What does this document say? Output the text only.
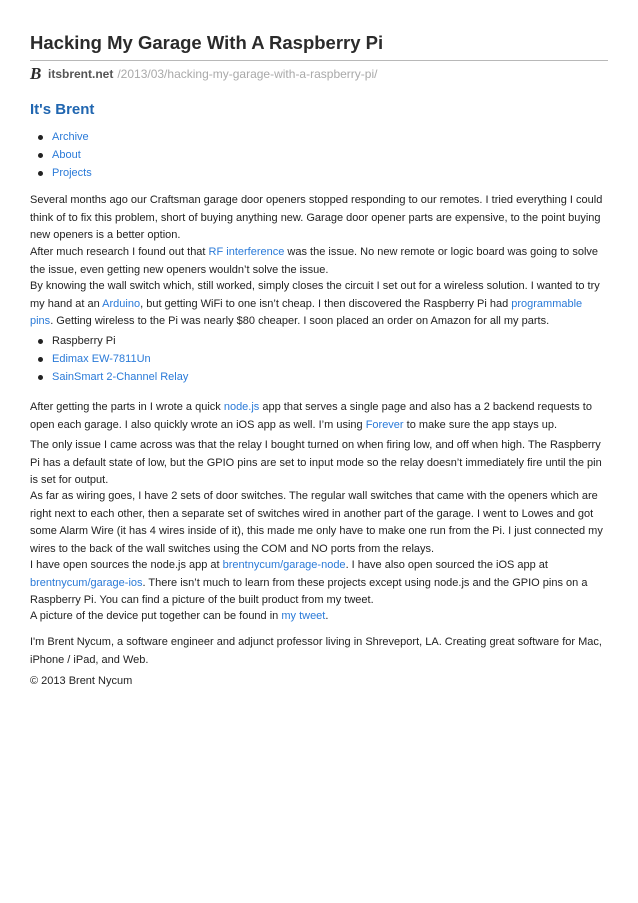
Hacking My Garage With A Raspberry Pi
B itsbrent.net /2013/03/hacking-my-garage-with-a-raspberry-pi/
It's Brent
Archive
About
Projects

Several months ago our Craftsman garage door openers stopped responding to our remotes. I tried everything I could think of to fix this problem, short of buying anything new. Garage door opener parts are expensive, to the point buying new openers is a better option.

After much research I found out that RF interference was the issue. No new remote or logic board was going to solve the issue, even getting new openers wouldn’t solve the issue.

By knowing the wall switch which, still worked, simply closes the circuit I set out for a wireless solution. I wanted to try my hand at an Arduino, but getting WiFi to one isn’t cheap. I then discovered the Raspberry Pi had programmable pins. Getting wireless to the Pi was nearly $80 cheaper. I soon placed an order on Amazon for all my parts.

Raspberry Pi
Edimax EW-7811Un
SainSmart 2-Channel Relay

After getting the parts in I wrote a quick node.js app that serves a single page and also has a 2 backend requests to open each garage. I also quickly wrote an iOS app as well. I’m using Forever to make sure the app stays up.

The only issue I came across was that the relay I bought turned on when firing low, and off when high. The Raspberry Pi has a default state of low, but the GPIO pins are set to input mode so the relay doesn’t immediately fire until the pin is set for output.

As far as wiring goes, I have 2 sets of door switches. The regular wall switches that came with the openers which are right next to each other, then a separate set of switches wired in another part of the garage. I went to Lowes and got some Alarm Wire (it has 4 wires inside of it), this made me only have to make one run from the Pi. I just connected my wires to the back of the wall switches using the COM and NO ports from the relays.

I have open sources the node.js app at brentnycum/garage-node. I have also open sourced the iOS app at brentnycum/garage-ios. There isn’t much to learn from these projects except using node.js and the GPIO pins on a Raspberry Pi. You can find a picture of the built product from my tweet.

A picture of the device put together can be found in my tweet.

I'm Brent Nycum, a software engineer and adjunct professor living in Shreveport, LA. Creating great software for Mac, iPhone / iPad, and Web.

© 2013 Brent Nycum
